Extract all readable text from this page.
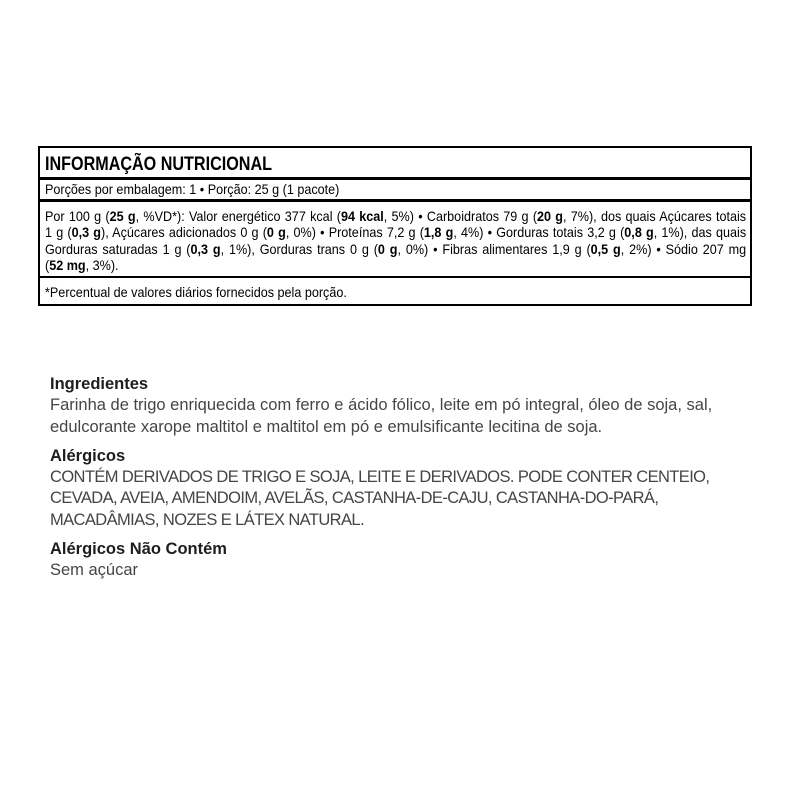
INFORMAÇÃO NUTRICIONAL
Porções por embalagem: 1 • Porção: 25 g (1 pacote)
Por 100 g (25 g, %VD*): Valor energético 377 kcal (94 kcal, 5%) • Carboidratos 79 g (20 g, 7%), dos quais Açúcares totais
1 g (0,3 g), Açúcares adicionados 0 g (0 g, 0%) • Proteínas 7,2 g (1,8 g, 4%) • Gorduras totais 3,2 g (0,8 g, 1%), das quais
Gorduras saturadas 1 g (0,3 g, 1%), Gorduras trans 0 g (0 g, 0%) • Fibras alimentares 1,9 g (0,5 g, 2%) • Sódio 207 mg
(52 mg, 3%).
*Percentual de valores diários fornecidos pela porção.
Ingredientes
Farinha de trigo enriquecida com ferro e ácido fólico, leite em pó integral, óleo de soja, sal,
edulcorante xarope maltitol e maltitol em pó e emulsificante lecitina de soja.
Alérgicos
CONTÉM DERIVADOS DE TRIGO E SOJA, LEITE E DERIVADOS. PODE CONTER CENTEIO,
CEVADA, AVEIA, AMENDOIM, AVELÃS, CASTANHA-DE-CAJU, CASTANHA-DO-PARÁ,
MACADÂMIAS, NOZES E LÁTEX NATURAL.
Alérgicos Não Contém
Sem açúcar
